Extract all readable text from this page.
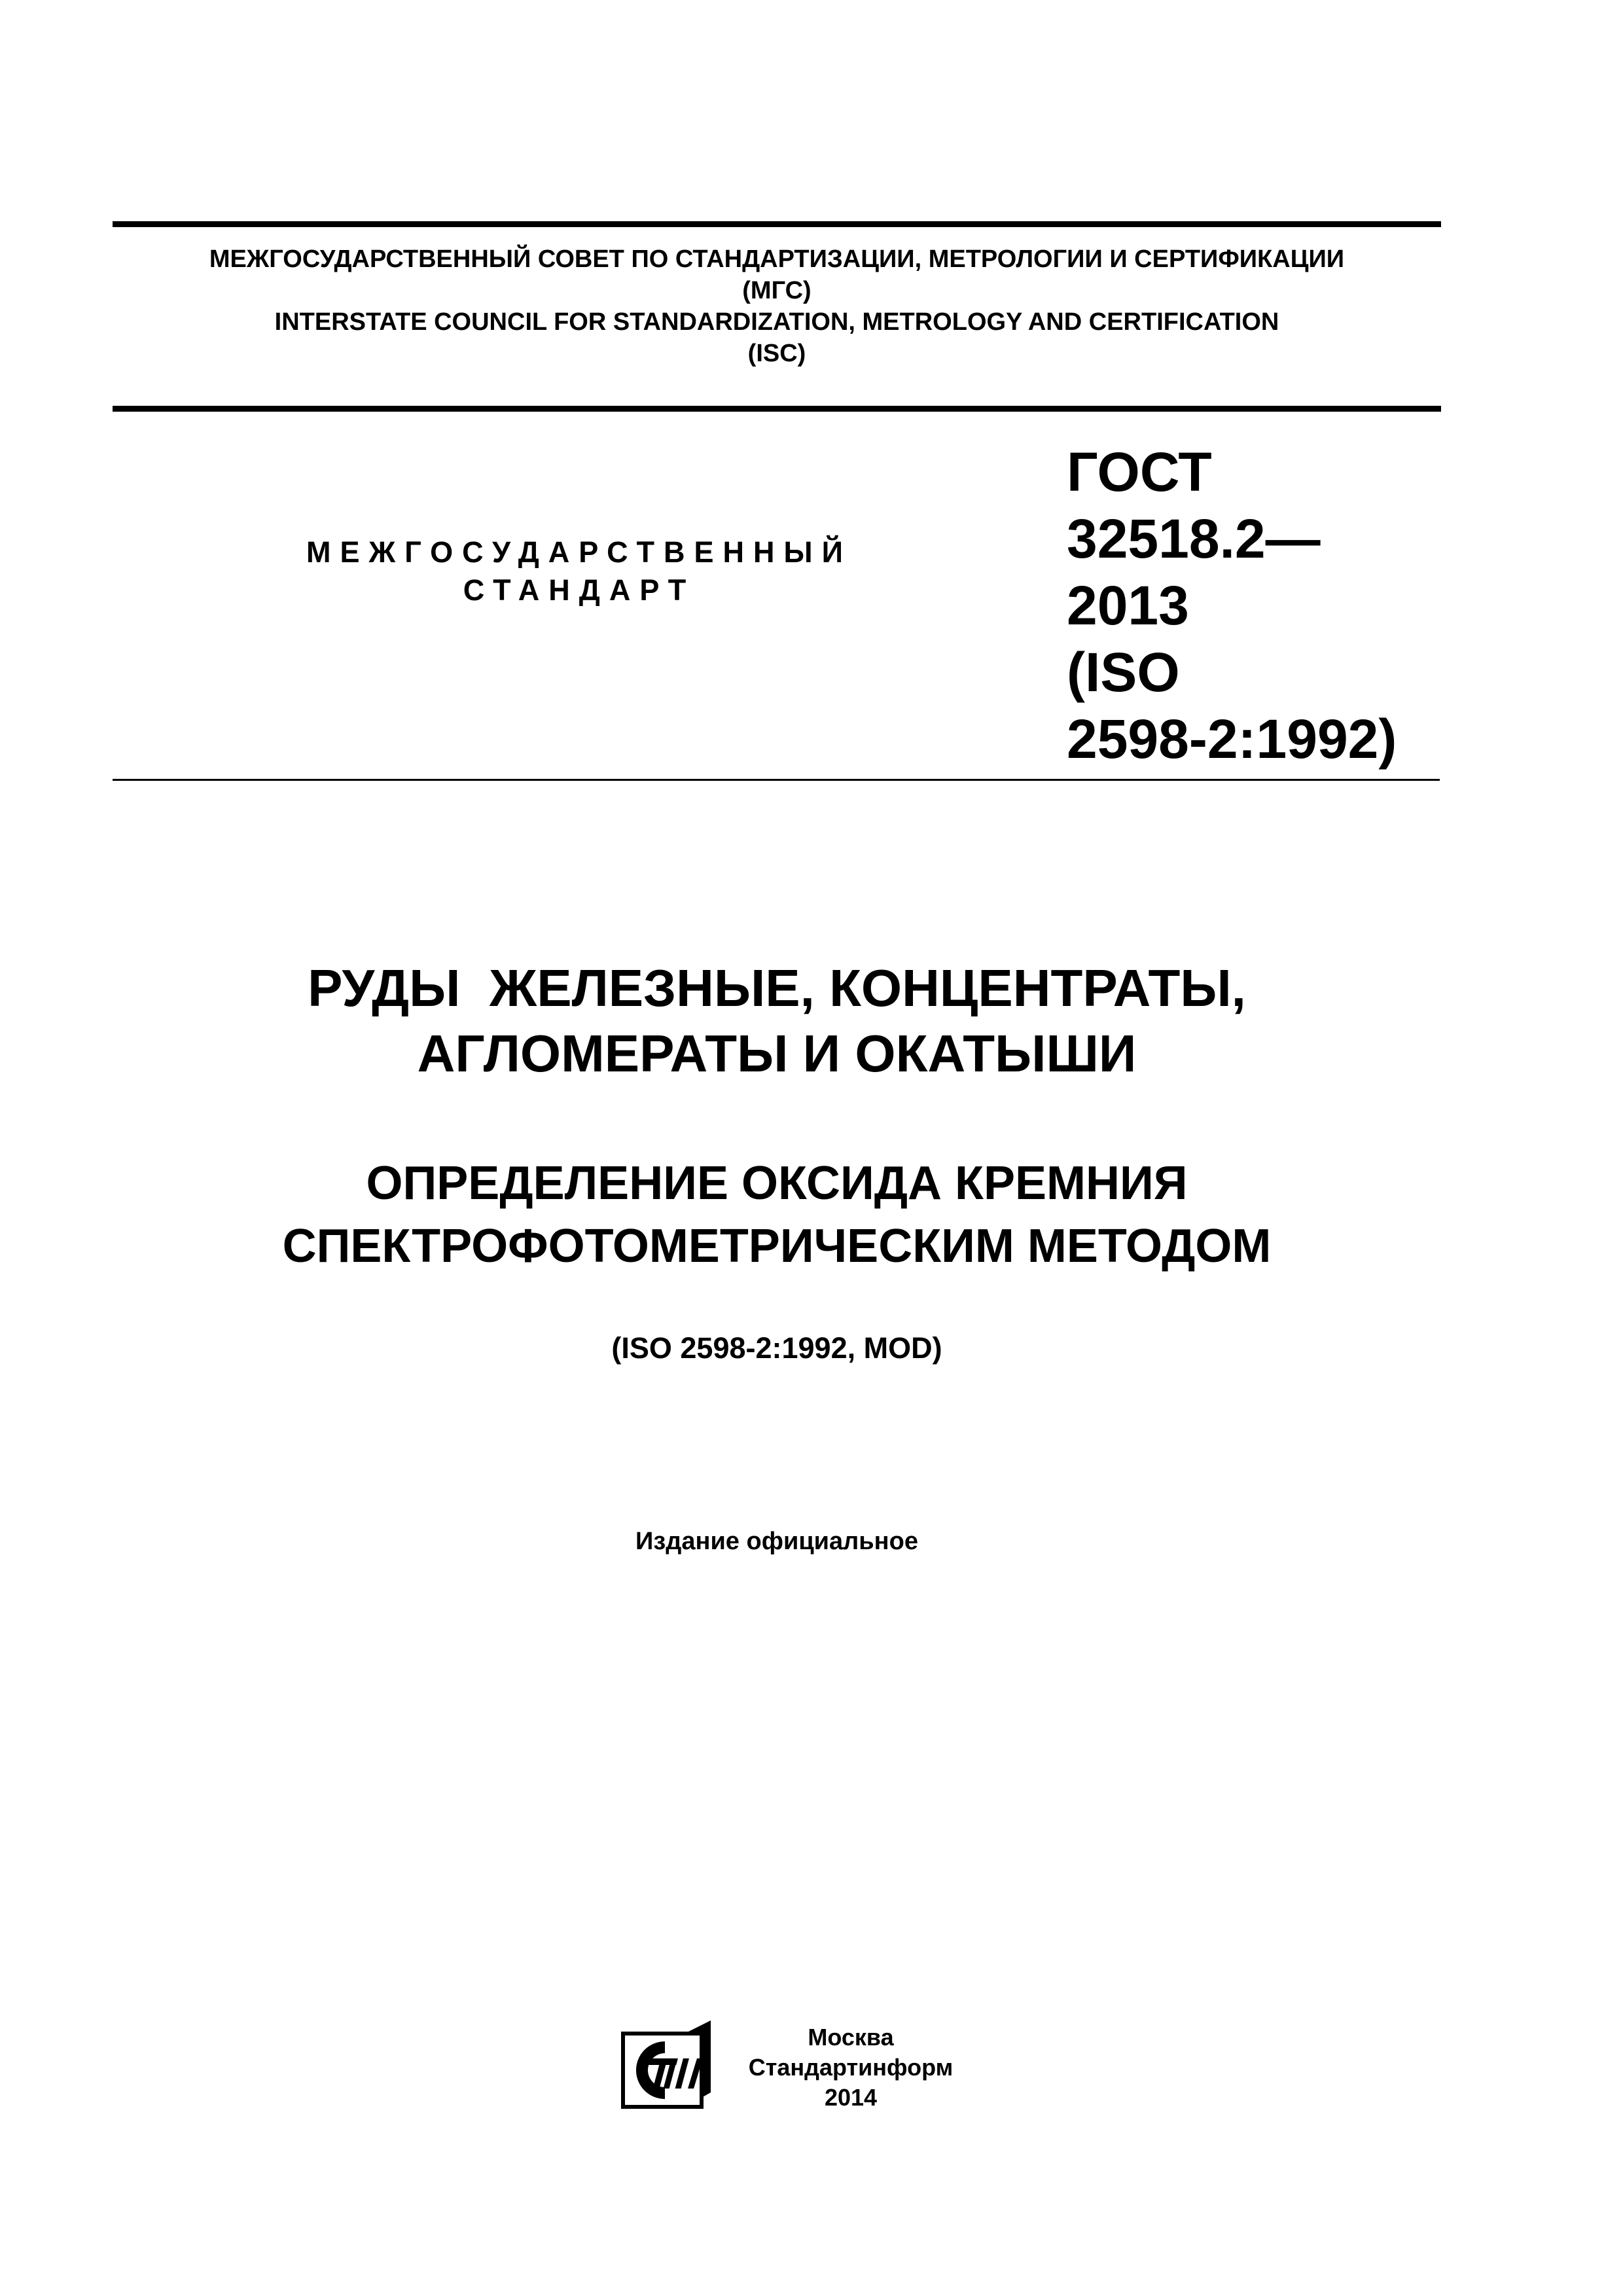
МЕЖГОСУДАРСТВЕННЫЙ СОВЕТ ПО СТАНДАРТИЗАЦИИ, МЕТРОЛОГИИ И СЕРТИФИКАЦИИ
(МГС)
INTERSTATE COUNCIL FOR STANDARDIZATION, METROLOGY AND CERTIFICATION
(ISC)
МЕЖГОСУДАРСТВЕННЫЙ
СТАНДАРТ
ГОСТ
32518.2—
2013
(ISO
2598-2:1992)
РУДЫ  ЖЕЛЕЗНЫЕ, КОНЦЕНТРАТЫ,
АГЛОМЕРАТЫ И ОКАТЫШИ
ОПРЕДЕЛЕНИЕ ОКСИДА КРЕМНИЯ
СПЕКТРОФОТОМЕТРИЧЕСКИМ МЕТОДОМ
(ISO 2598-2:1992, MOD)
Издание официальное
Москва
Стандартинформ
2014
